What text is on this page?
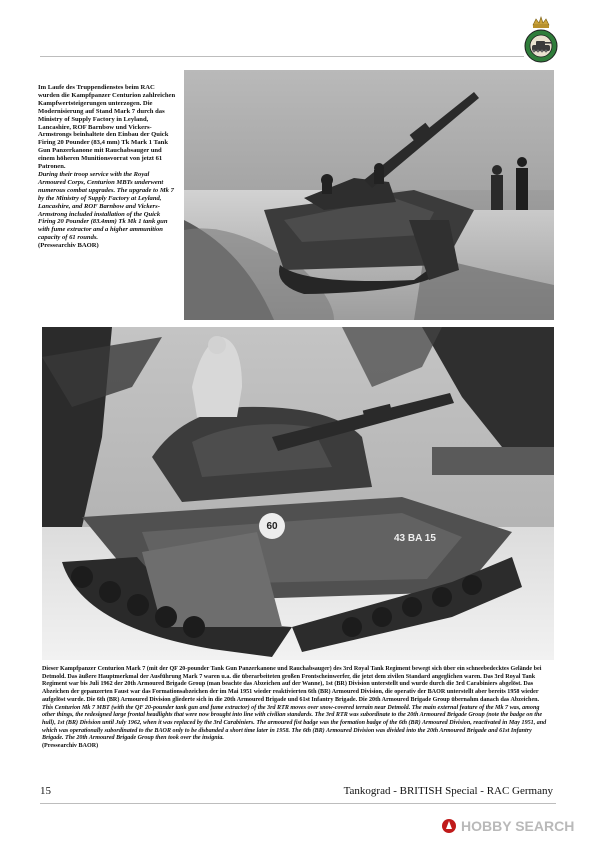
Im Laufe des Truppendienstes beim RAC wurden die Kampfpanzer Centurion zahlreichen Kampfwertsteigerungen unterzogen. Die Modernisierung auf Stand Mark 7 durch das Ministry of Supply Factory in Leyland, Lancashire, ROF Barnbow und Vickers-Armstrongs beinhaltete den Einbau der Quick Firing 20 Pounder (83,4 mm) Tk Mark 1 Tank Gun Panzerkanone mit Rauchabsauger und einem höheren Munitionsvorrat von jetzt 61 Patronen.

During their troop service with the Royal Armoured Corps, Centurion MBTs underwent numerous combat upgrades. The upgrade to Mk 7 by the Ministry of Supply Factory at Leyland, Lancashire, and ROF Barnbow and Vickers-Armstrong included installation of the Quick Firing 20 Pounder (83.4mm) Tk Mk 1 tank gun with fume extractor and a higher ammunition capacity of 61 rounds.

(Pressearchiv BAOR)

60
43 BA 15

Dieser Kampfpanzer Centurion Mark 7 (mit der QF 20-pounder Tank Gun Panzerkanone und Rauchabsauger) des 3rd Royal Tank Regiment bewegt sich über ein schneebedecktes Gelände bei Detmold. Das äußere Hauptmerkmal der Ausführung Mark 7 waren u.a. die überarbeiteten großen Frontscheinwerfer, die jetzt dem zivilen Standard angeglichen waren. Das 3rd Royal Tank Regiment war bis Juli 1962 der 20th Armoured Brigade Group (man beachte das Abzeichen auf der Wanne), 1st (BR) Division unterstellt und wurde durch die 3rd Carabiniers abgelöst. Das Abzeichen der gepanzerten Faust war das Formationsabzeichen der im Mai 1951 wieder reaktivierten 6th (BR) Armoured Division, die operativ der BAOR unterstellt aber bereits 1958 wieder aufgelöst wurde. Die 6th (BR) Armoured Division gliederte sich in die 20th Armoured Brigade und 61st Infantry Brigade. Die 20th Armoured Brigade Group übernahm danach das Abzeichen.

This Centurion Mk 7 MBT (with the QF 20-pounder tank gun and fume extractor) of the 3rd RTR moves over snow-covered terrain near Detmold. The main external feature of the Mk 7 was, among other things, the redesigned large frontal headlights that were now brought into line with civilian standards. The 3rd RTR was subordinate to the 20th Armoured Brigade Group (note the badge on the hull), 1st (BR) Division until July 1962, when it was replaced by the 3rd Carabiniers. The armoured fist badge was the formation badge of the 6th (BR) Armoured Division, reactivated in May 1951, and which was operationally subordinated to the BAOR only to be disbanded a short time later in 1958. The 6th (BR) Armoured Division was divided into the 20th Armoured Brigade and 61st Infantry Brigade. The 20th Armoured Brigade Group then took over the insignia.

(Pressearchiv BAOR)

15	Tankograd - BRITISH Special - RAC Germany
HOBBY SEARCH
